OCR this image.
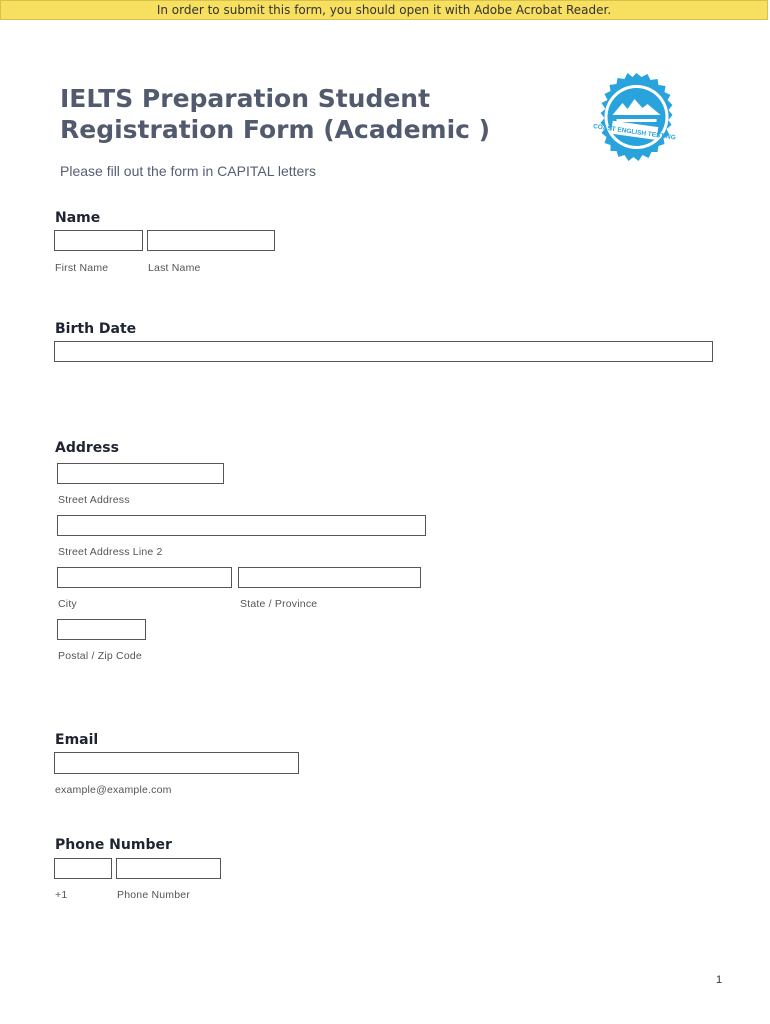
In order to submit this form, you should open it with Adobe Acrobat Reader.
IELTS Preparation Student Registration Form (Academic )	COAST ENGLISH TESTING
Please fill out the form in CAPITAL letters
Name
First Name	Last Name
Birth Date
Address
Street Address
Street Address Line 2
City	State / Province
Postal / Zip Code
Email
example@example.com
Phone Number
+1	Phone Number
1
